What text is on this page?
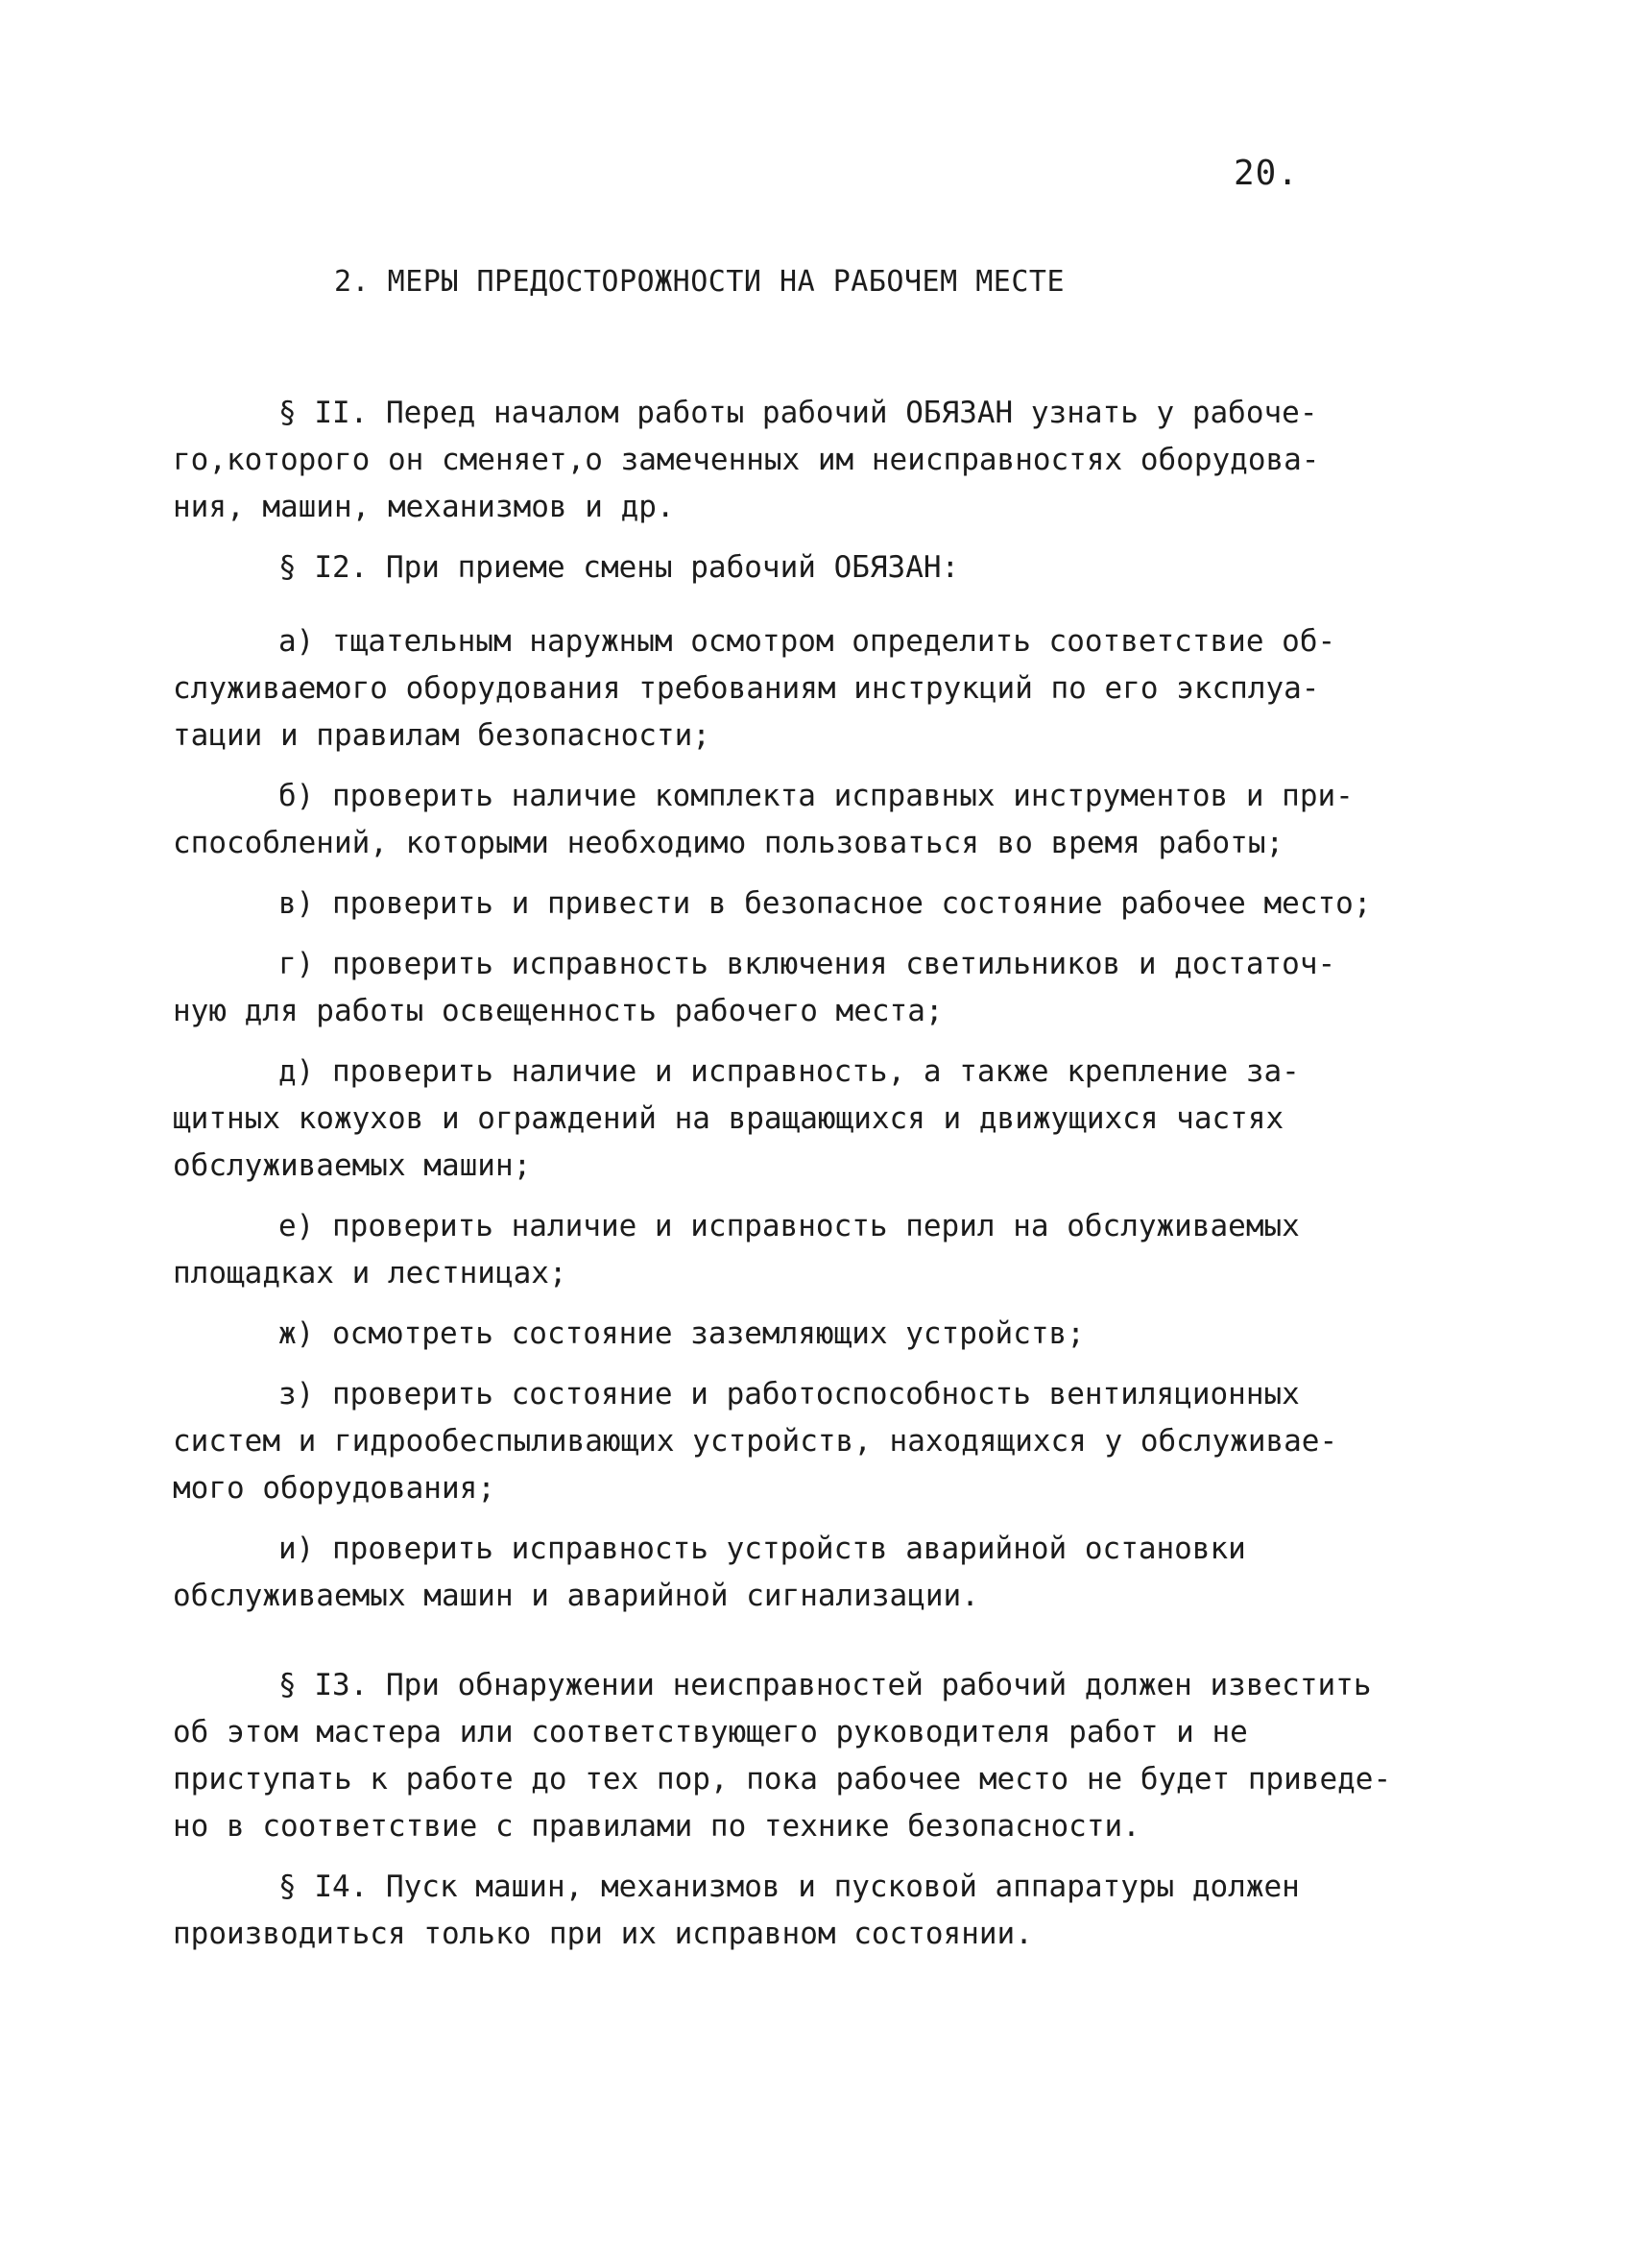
20.
2. МЕРЫ ПРЕДОСТОРОЖНОСТИ НА РАБОЧЕМ МЕСТЕ
§ II. Перед началом работы рабочий ОБЯЗАН узнать у рабоче-
го,которого он сменяет,о замеченных им неисправностях оборудова-
ния, машин, механизмов и др.
§ I2. При приеме смены рабочий ОБЯЗАН:
а) тщательным наружным осмотром определить соответствие об-
служиваемого оборудования требованиям инструкций по его эксплуа-
тации и правилам безопасности;
б) проверить наличие комплекта исправных инструментов и при-
способлений, которыми необходимо пользоваться во время работы;
в) проверить и привести в безопасное состояние рабочее место;
г) проверить исправность включения светильников и достаточ-
ную для работы освещенность рабочего места;
д) проверить наличие и исправность, а также крепление за-
щитных кожухов и ограждений на вращающихся и движущихся частях
обслуживаемых машин;
е) проверить наличие и исправность перил на обслуживаемых
площадках и лестницах;
ж) осмотреть состояние заземляющих устройств;
з) проверить состояние и работоспособность вентиляционных
систем и гидрообеспыливающих устройств, находящихся у обслуживае-
мого оборудования;
и) проверить исправность устройств аварийной остановки
обслуживаемых машин и аварийной сигнализации.
§ I3. При обнаружении неисправностей рабочий должен известить
об этом мастера или соответствующего руководителя работ и не
приступать к работе до тех пор, пока рабочее место не будет приведе-
но в соответствие с правилами по технике безопасности.
§ I4. Пуск машин, механизмов и пусковой аппаратуры должен
производиться только при их исправном состоянии.
